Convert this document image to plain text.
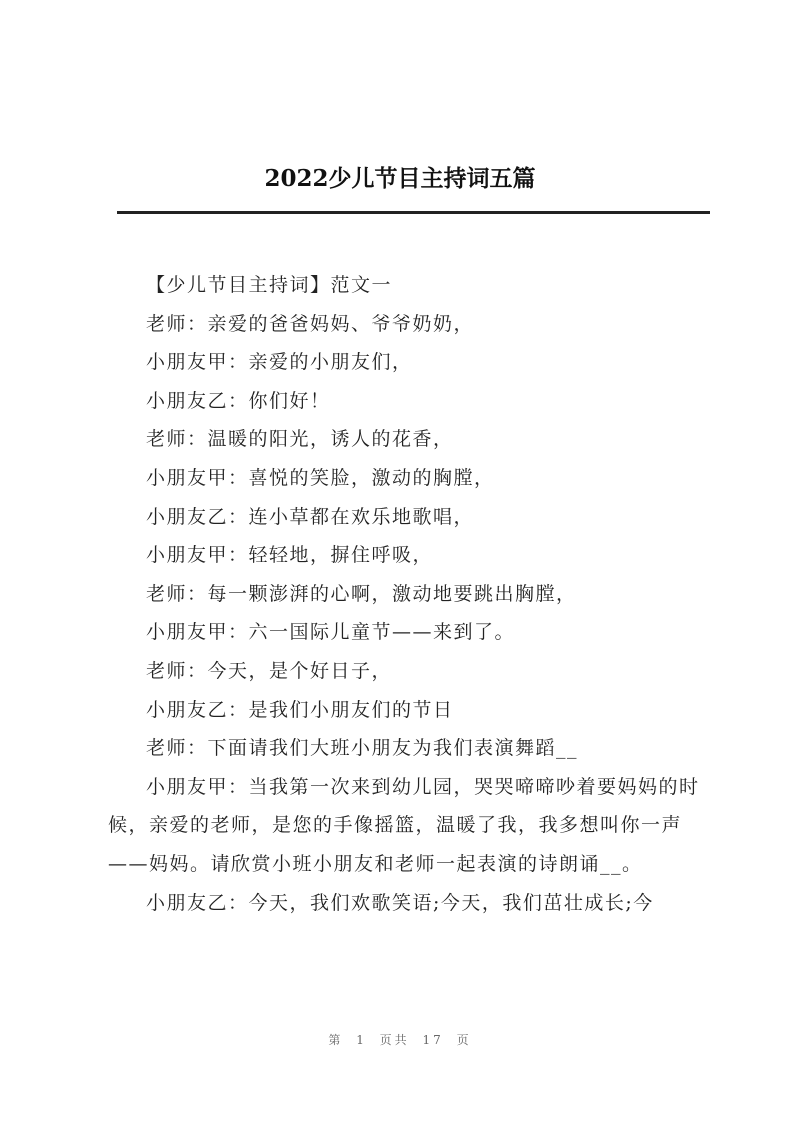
2022少儿节目主持词五篇

【少儿节目主持词】范文一

老师：亲爱的爸爸妈妈、爷爷奶奶，

小朋友甲：亲爱的小朋友们，

小朋友乙：你们好！

老师：温暖的阳光，诱人的花香，

小朋友甲：喜悦的笑脸，激动的胸膛，

小朋友乙：连小草都在欢乐地歌唱，

小朋友甲：轻轻地，摒住呼吸，

老师：每一颗澎湃的心啊，激动地要跳出胸膛，

小朋友甲：六一国际儿童节——来到了。

老师：今天，是个好日子，

小朋友乙：是我们小朋友们的节日

老师：下面请我们大班小朋友为我们表演舞蹈__

小朋友甲：当我第一次来到幼儿园，哭哭啼啼吵着要妈妈的时候，亲爱的老师，是您的手像摇篮，温暖了我，我多想叫你一声——妈妈。请欣赏小班小朋友和老师一起表演的诗朗诵__。

小朋友乙：今天，我们欢歌笑语;今天，我们茁壮成长;今

第 1 页共 17 页
